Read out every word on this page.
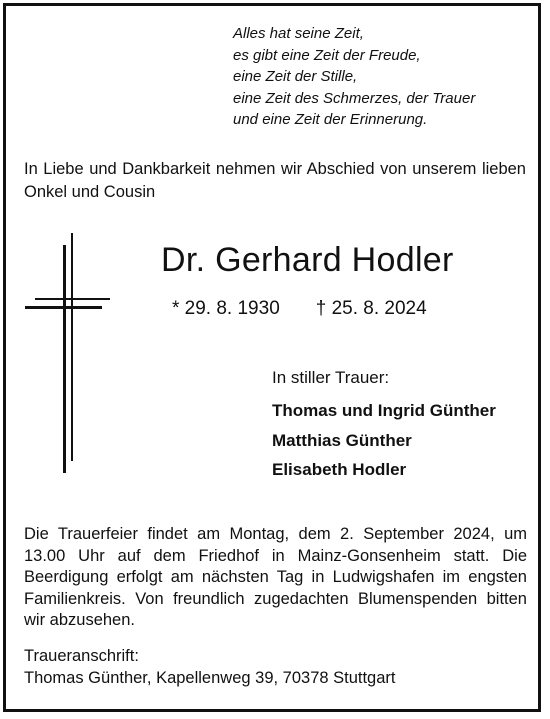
Alles hat seine Zeit,
es gibt eine Zeit der Freude,
eine Zeit der Stille,
eine Zeit des Schmerzes, der Trauer
und eine Zeit der Erinnerung.
In Liebe und Dankbarkeit nehmen wir Abschied von unserem lieben Onkel und Cousin
Dr. Gerhard Hodler
* 29. 8. 1930 † 25. 8. 2024
In stiller Trauer:
Thomas und Ingrid Günther
Matthias Günther
Elisabeth Hodler
Die Trauerfeier findet am Montag, dem 2. September 2024, um 13.00 Uhr auf dem Friedhof in Mainz-Gonsenheim statt. Die Beerdigung erfolgt am nächsten Tag in Ludwigshafen im engsten Familienkreis. Von freundlich zugedachten Blumenspenden bitten wir abzusehen.
Traueranschrift:
Thomas Günther, Kapellenweg 39, 70378 Stuttgart
